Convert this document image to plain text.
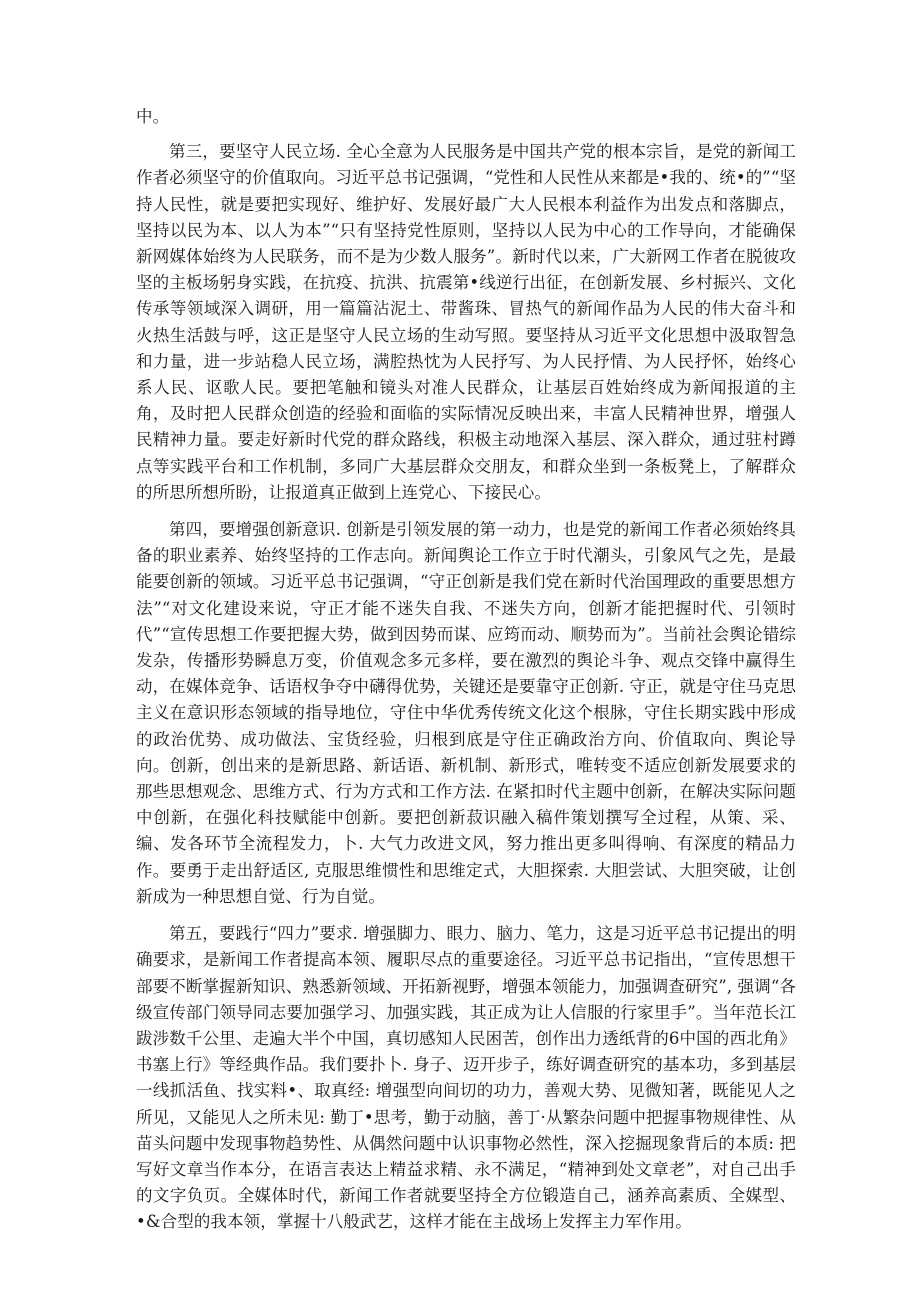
中。

第三，要坚守人民立场. 全心全意为人民服务是中国共产党的根本宗旨，是党的新闻工作者必须坚守的价值取向。习近平总书记强调，“党性和人民性从来都是•我的、统•的”“坚持人民性，就是要把实现好、维护好、发展好最广大人民根本利益作为出发点和落脚点，坚持以民为本、以人为本”“只有坚持党性原则，坚持以人民为中心的工作导向，才能确保新网媒体始终为人民联务，而不是为少数人服务”。新时代以来，广大新网工作者在脱彼攻坚的主板场躬身实践，在抗疫、抗洪、抗震第•线逆行出征，在创新发展、乡村振兴、文化传承等领域深入调研，用一篇篇沾泥土、带酱珠、冒热气的新闻作品为人民的伟大奋斗和火热生活鼓与呼，这正是坚守人民立场的生动写照。要坚持从习近平文化思想中汲取智急和力量，进一步站稳人民立场，满腔热忱为人民抒写、为人民抒情、为人民抒怀，始终心系人民、讴歌人民。要把笔触和镜头对准人民群众，让基层百姓始终成为新闻报道的主角，及时把人民群众创造的经验和面临的实际情况反映出来，丰富人民精神世界，增强人民精神力量。要走好新时代党的群众路线，积极主动地深入基层、深入群众，通过驻村蹲点等实践平台和工作机制，多同广大基层群众交朋友，和群众坐到一条板凳上，了解群众的所思所想所盼，让报道真正做到上连党心、下接民心。

第四，要增强创新意识. 创新是引领发展的第一动力，也是党的新闻工作者必须始终具备的职业素养、始终坚持的工作志向。新闻舆论工作立于时代潮头，引象风气之先，是最能要创新的领域。习近平总书记强调，“守正创新是我们党在新时代治国理政的重要思想方法”“对文化建设来说，守正才能不迷失自我、不迷失方向，创新才能把握时代、引领时代”“宣传思想工作要把握大势，做到因势而谋、应筠而动、顺势而为”。当前社会舆论错综发杂，传播形势瞬息万变，价值观念多元多样，要在激烈的舆论斗争、观点交锋中赢得生动，在媒体竞争、话语权争夺中礴得优势，关键还是要靠守正创新. 守正，就是守住马克思主义在意识形态领域的指导地位，守住中华优秀传统文化这个根脉，守住长期实践中形成的政治优势、成功做法、宝货经验，归根到底是守住正确政治方向、价值取向、舆论导向。创新，创出来的是新思路、新话语、新机制、新形式，唯转变不适应创新发展要求的那些思想观念、思维方式、行为方式和工作方法. 在紧扣时代主题中创新，在解决实际问题中创新，在强化科技赋能中创新。要把创新菽识融入稿件策划撰写全过程，从策、采、编、发各环节全流程发力，卜. 大气力改进文风，努力推出更多叫得响、有深度的精品力作。要勇于走出舒适区, 克服思维惯性和思维定式，大胆探索. 大胆尝试、大胆突破，让创新成为一种思想自觉、行为自觉。

第五，要践行“四力”要求. 增强脚力、眼力、脑力、笔力，这是习近平总书记提出的明确要求，是新闻工作者提高本领、履职尽点的重要途径。习近平总书记指出，“宣传思想干部要不断掌握新知识、熟悉新领域、开拓新视野，增强本领能力，加强调查研究”, 强调“各级宣传部门领导同志要加强学习、加强实践，其正成为让人信服的行家里手”。当年范长江跋涉数千公里、走遍大半个中国，真切感知人民困苦，创作出力透纸背的6中国的西北角》书塞上行》等经典作品。我们要扑卜. 身子、迈开步子，练好调查研究的基本功，多到基层一线抓活鱼、找实料•、取真经: 增强型向间切的功力，善观大势、见微知著，既能见人之所见，又能见人之所未见: 勤丁•思考，勤于动脑，善丁·从繁杂问题中把握事物规律性、从苗头问题中发现事物趋势性、从偶然问题中认识事物必然性，深入挖掘现象背后的本质: 把写好文章当作本分，在语言表达上精益求精、永不满足，“精神到处文章老”，对自己出手的文字负页。全媒体时代，新闻工作者就要坚持全方位锻造自己，涵养高素质、全媒型、•&合型的我本领，掌握十八般武艺，这样才能在主战场上发挥主力军作用。
